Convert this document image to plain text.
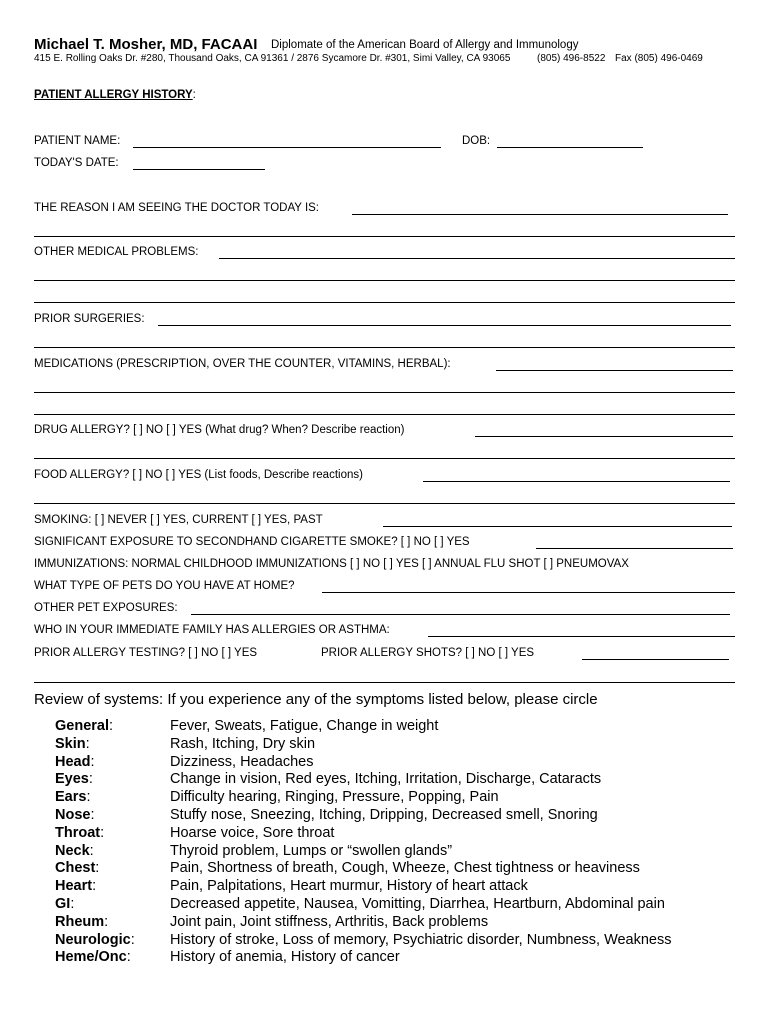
Michael T. Mosher, MD, FACAAI Diplomate of the American Board of Allergy and Immunology
415 E. Rolling Oaks Dr. #280, Thousand Oaks, CA 91361 / 2876 Sycamore Dr. #301, Simi Valley, CA 93065	(805) 496-8522 Fax (805) 496-0469
PATIENT ALLERGY HISTORY:
PATIENT NAME:	DOB:
TODAY'S DATE:
THE REASON I AM SEEING THE DOCTOR TODAY IS:
OTHER MEDICAL PROBLEMS:
PRIOR SURGERIES:
MEDICATIONS (PRESCRIPTION, OVER THE COUNTER, VITAMINS, HERBAL):
DRUG ALLERGY? [ ] NO [ ] YES (What drug? When? Describe reaction)
FOOD ALLERGY? [ ] NO [ ] YES (List foods, Describe reactions)
SMOKING: [ ] NEVER [ ] YES, CURRENT [ ] YES, PAST
SIGNIFICANT EXPOSURE TO SECONDHAND CIGARETTE SMOKE? [ ] NO [ ] YES
IMMUNIZATIONS: NORMAL CHILDHOOD IMMUNIZATIONS [ ] NO [ ] YES [ ] ANNUAL FLU SHOT [ ] PNEUMOVAX
WHAT TYPE OF PETS DO YOU HAVE AT HOME?
OTHER PET EXPOSURES:
WHO IN YOUR IMMEDIATE FAMILY HAS ALLERGIES OR ASTHMA:
PRIOR ALLERGY TESTING? [ ] NO [ ] YES	PRIOR ALLERGY SHOTS? [ ] NO [ ] YES
Review of systems: If you experience any of the symptoms listed below, please circle
General:	Fever, Sweats, Fatigue, Change in weight
Skin:	Rash, Itching, Dry skin
Head:	Dizziness, Headaches
Eyes:	Change in vision, Red eyes, Itching, Irritation, Discharge, Cataracts
Ears:	Difficulty hearing, Ringing, Pressure, Popping, Pain
Nose:	Stuffy nose, Sneezing, Itching, Dripping, Decreased smell, Snoring
Throat:	Hoarse voice, Sore throat
Neck:	Thyroid problem, Lumps or “swollen glands”
Chest:	Pain, Shortness of breath, Cough, Wheeze, Chest tightness or heaviness
Heart:	Pain, Palpitations, Heart murmur, History of heart attack
GI:	Decreased appetite, Nausea, Vomitting, Diarrhea, Heartburn, Abdominal pain
Rheum:	Joint pain, Joint stiffness, Arthritis, Back problems
Neurologic: History of stroke, Loss of memory, Psychiatric disorder, Numbness, Weakness
Heme/Onc:	History of anemia, History of cancer
